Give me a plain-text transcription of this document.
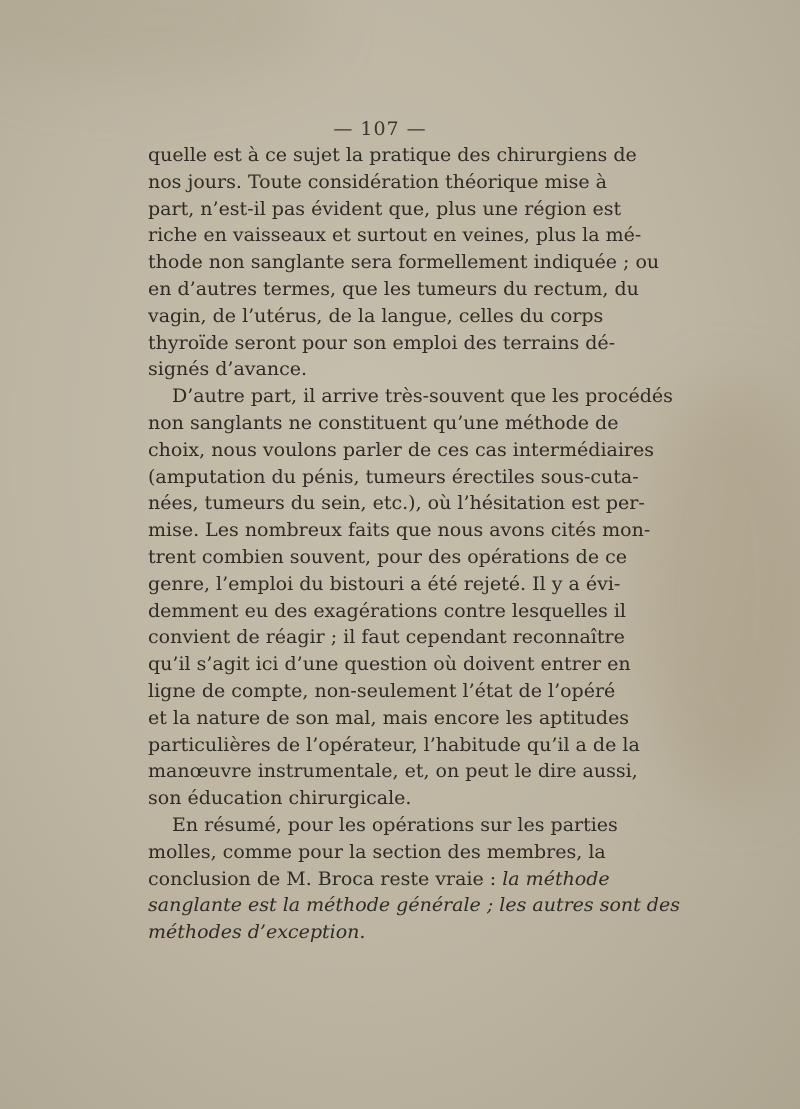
— 107 —
quelle est à ce sujet la pratique des chirurgiens de
nos jours. Toute considération théorique mise à
part, n’est-il pas évident que, plus une région est
riche en vaisseaux et surtout en veines, plus la mé-
thode non sanglante sera formellement indiquée ; ou
en d’autres termes, que les tumeurs du rectum, du
vagin, de l’utérus, de la langue, celles du corps
thyroïde seront pour son emploi des terrains dé-
signés d’avance.
D’autre part, il arrive très-souvent que les procédés
non sanglants ne constituent qu’une méthode de
choix, nous voulons parler de ces cas intermédiaires
(amputation du pénis, tumeurs érectiles sous-cuta-
nées, tumeurs du sein, etc.), où l’hésitation est per-
mise. Les nombreux faits que nous avons cités mon-
trent combien souvent, pour des opérations de ce
genre, l’emploi du bistouri a été rejeté. Il y a évi-
demment eu des exagérations contre lesquelles il
convient de réagir ; il faut cependant reconnaître
qu’il s’agit ici d’une question où doivent entrer en
ligne de compte, non-seulement l’état de l’opéré
et la nature de son mal, mais encore les aptitudes
particulières de l’opérateur, l’habitude qu’il a de la
manœuvre instrumentale, et, on peut le dire aussi,
son éducation chirurgicale.
En résumé, pour les opérations sur les parties
molles, comme pour la section des membres, la
conclusion de M. Broca reste vraie : la méthode
sanglante est la méthode générale ; les autres sont des
méthodes d’exception.
